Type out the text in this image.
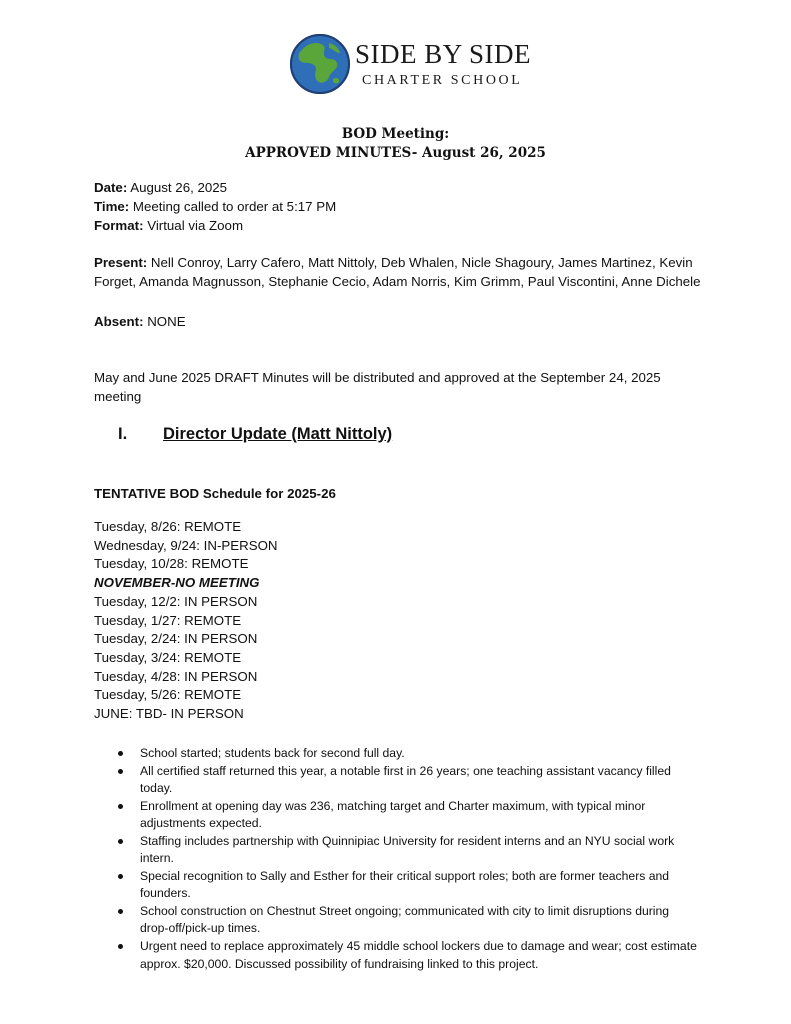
SIDE BY SIDE
CHARTER SCHOOL
BOD Meeting:
APPROVED MINUTES- August 26, 2025
Date: August 26, 2025
Time: Meeting called to order at 5:17 PM
Format: Virtual via Zoom
Present: Nell Conroy, Larry Cafero, Matt Nittoly, Deb Whalen, Nicle Shagoury, James Martinez, Kevin Forget, Amanda Magnusson, Stephanie Cecio, Adam Norris, Kim Grimm, Paul Viscontini, Anne Dichele
Absent: NONE
May and June 2025 DRAFT Minutes will be distributed and approved at the September 24, 2025 meeting
I. Director Update (Matt Nittoly)
TENTATIVE BOD Schedule for 2025-26
Tuesday, 8/26: REMOTE
Wednesday, 9/24: IN-PERSON
Tuesday, 10/28: REMOTE
NOVEMBER-NO MEETING
Tuesday, 12/2: IN PERSON
Tuesday, 1/27: REMOTE
Tuesday, 2/24: IN PERSON
Tuesday, 3/24: REMOTE
Tuesday, 4/28: IN PERSON
Tuesday, 5/26: REMOTE
JUNE: TBD- IN PERSON
School started; students back for second full day.
All certified staff returned this year, a notable first in 26 years; one teaching assistant vacancy filled today.
Enrollment at opening day was 236, matching target and Charter maximum, with typical minor adjustments expected.
Staffing includes partnership with Quinnipiac University for resident interns and an NYU social work intern.
Special recognition to Sally and Esther for their critical support roles; both are former teachers and founders.
School construction on Chestnut Street ongoing; communicated with city to limit disruptions during drop-off/pick-up times.
Urgent need to replace approximately 45 middle school lockers due to damage and wear; cost estimate approx. $20,000. Discussed possibility of fundraising linked to this project.
